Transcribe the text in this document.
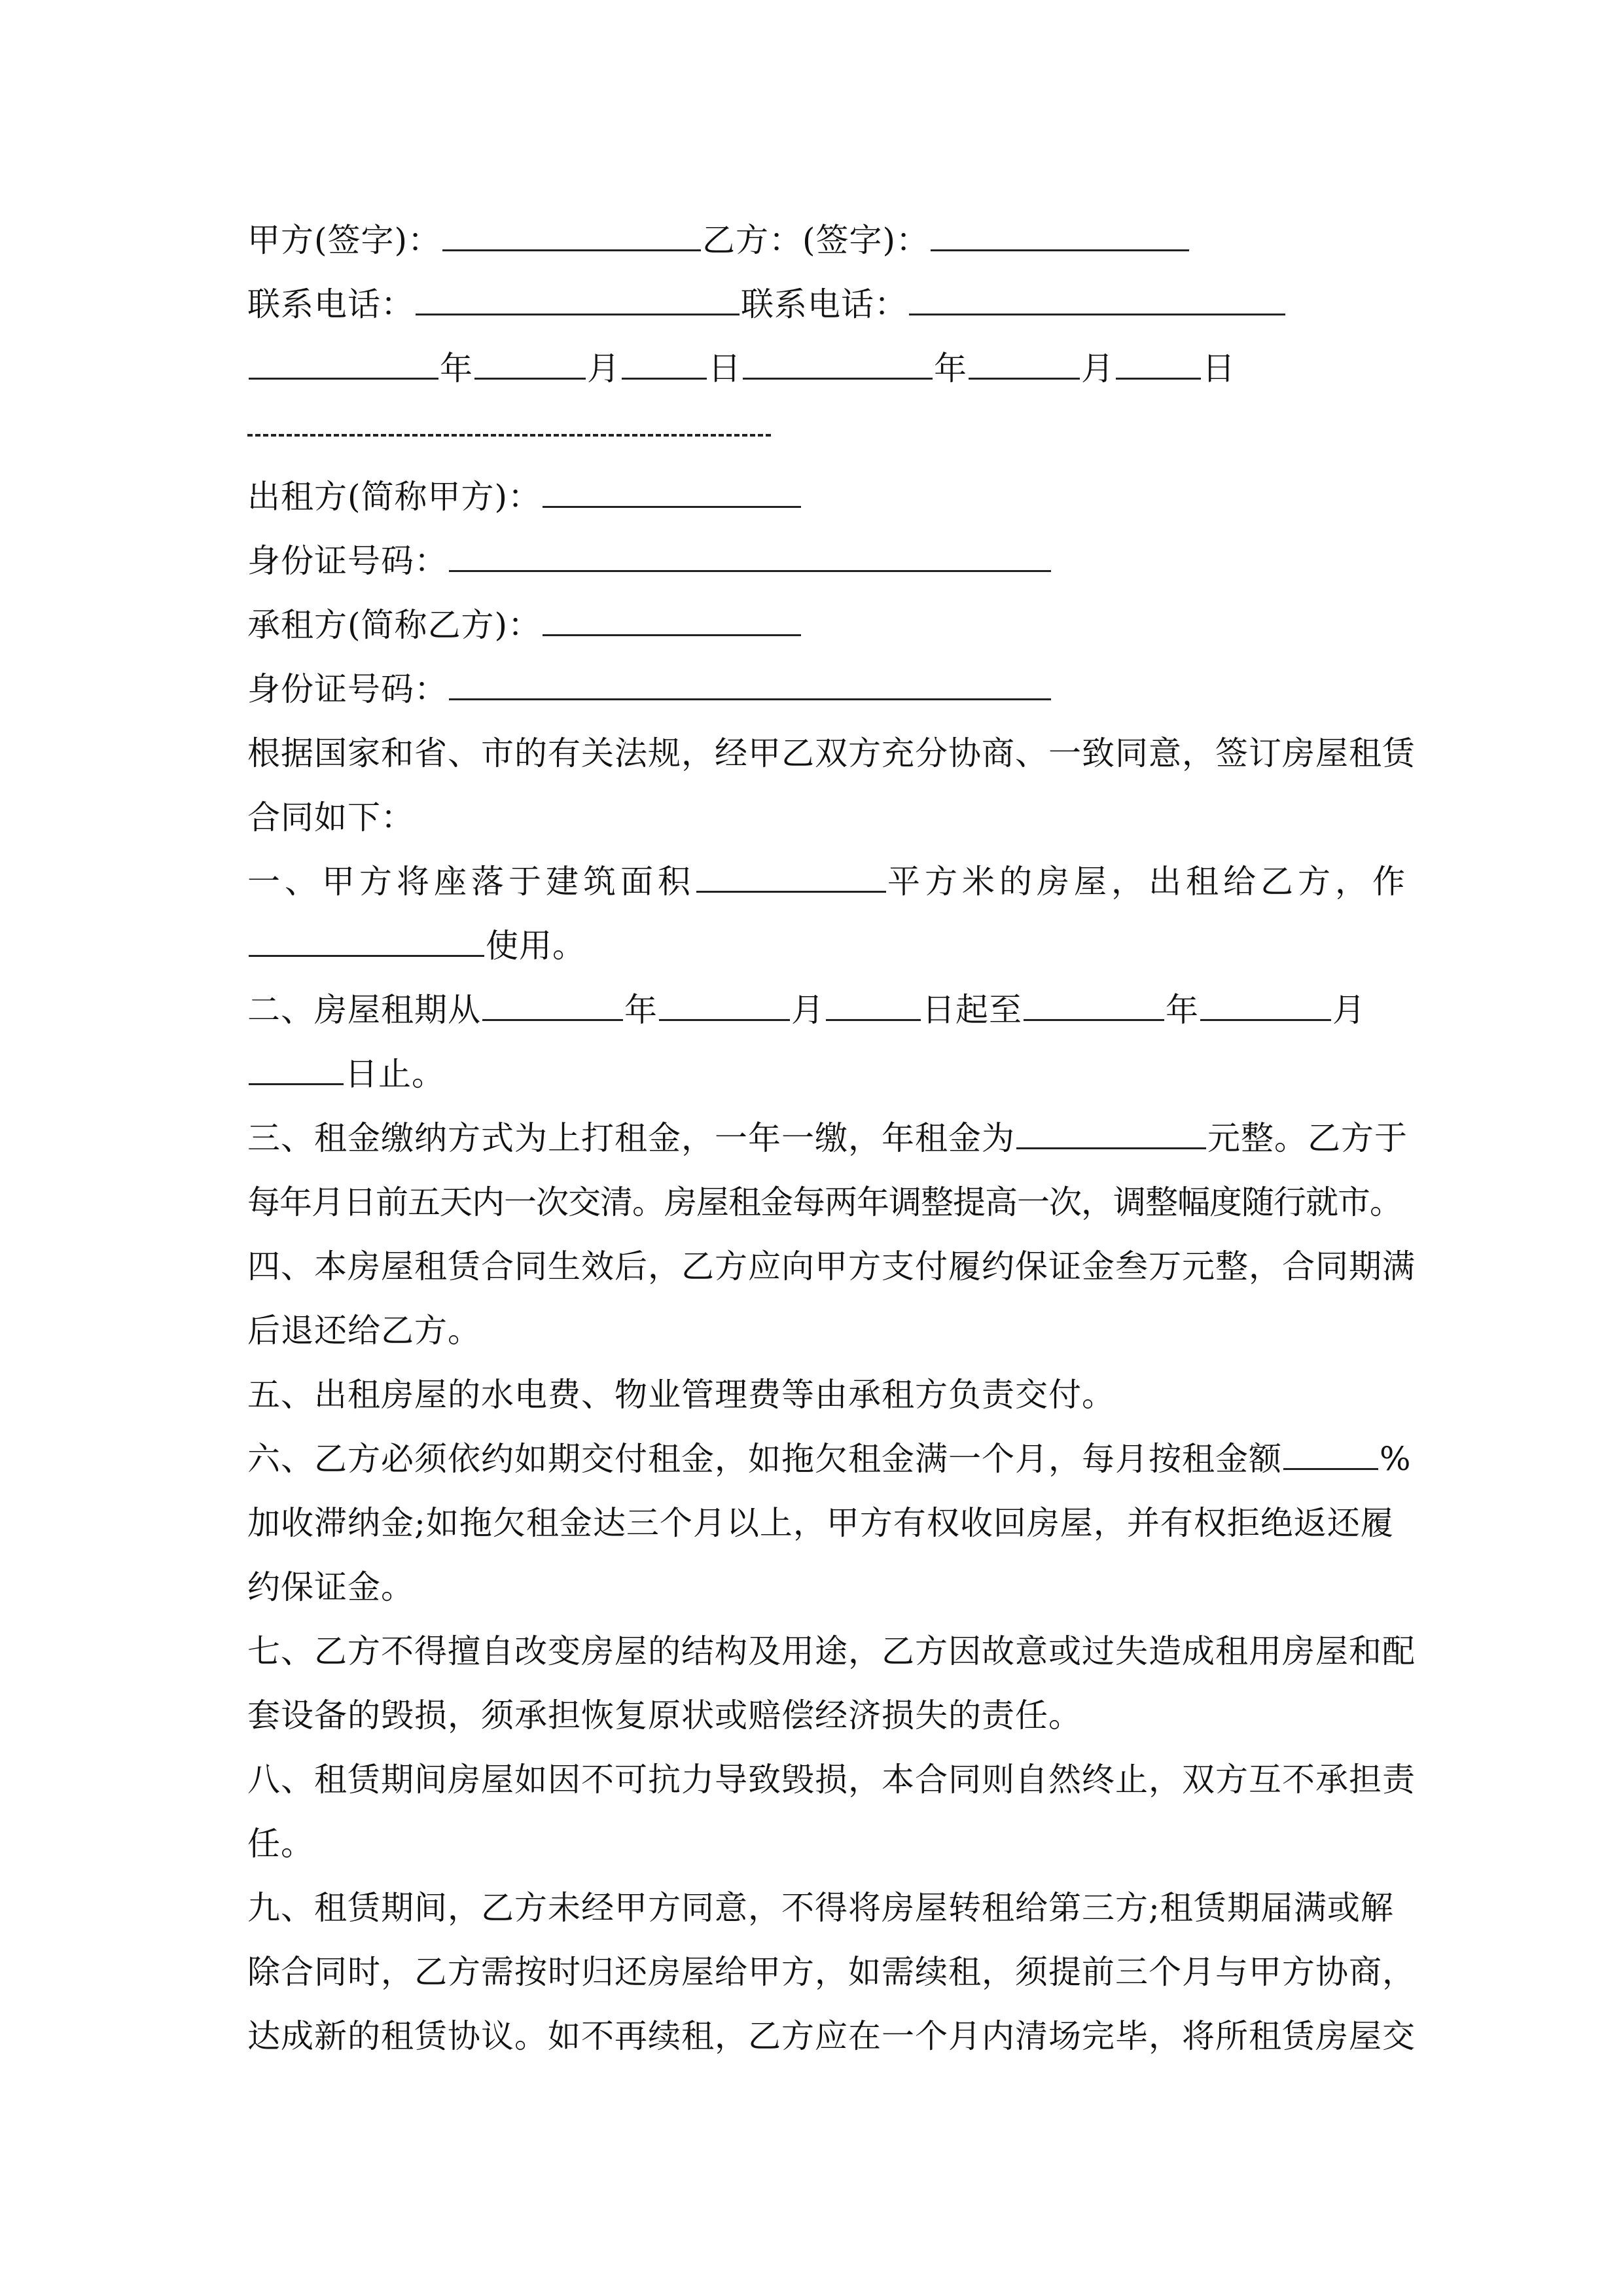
甲方(签字)：	乙方：(签字)：
联系电话：	联系电话：
年	月	日	年	月	日
出租方(简称甲方)：
身份证号码：
承租方(简称乙方)：
身份证号码：
根据国家和省、市的有关法规，经甲乙双方充分协商、一致同意，签订房屋租赁
合同如下：
一、甲方将座落于建筑面积	平方米的房屋，出租给乙方，作
使用。
二、房屋租期从	年	月	日起至	年	月
日止。
三、租金缴纳方式为上打租金，一年一缴，年租金为	元整。乙方于
每年月日前五天内一次交清。房屋租金每两年调整提高一次，调整幅度随行就市。
四、本房屋租赁合同生效后，乙方应向甲方支付履约保证金叁万元整，合同期满
后退还给乙方。
五、出租房屋的水电费、物业管理费等由承租方负责交付。
六、乙方必须依约如期交付租金，如拖欠租金满一个月，每月按租金额	%
加收滞纳金;如拖欠租金达三个月以上，甲方有权收回房屋，并有权拒绝返还履
约保证金。
七、乙方不得擅自改变房屋的结构及用途，乙方因故意或过失造成租用房屋和配
套设备的毁损，须承担恢复原状或赔偿经济损失的责任。
八、租赁期间房屋如因不可抗力导致毁损，本合同则自然终止，双方互不承担责
任。
九、租赁期间，乙方未经甲方同意，不得将房屋转租给第三方;租赁期届满或解
除合同时，乙方需按时归还房屋给甲方，如需续租，须提前三个月与甲方协商，
达成新的租赁协议。如不再续租，乙方应在一个月内清场完毕，将所租赁房屋交
